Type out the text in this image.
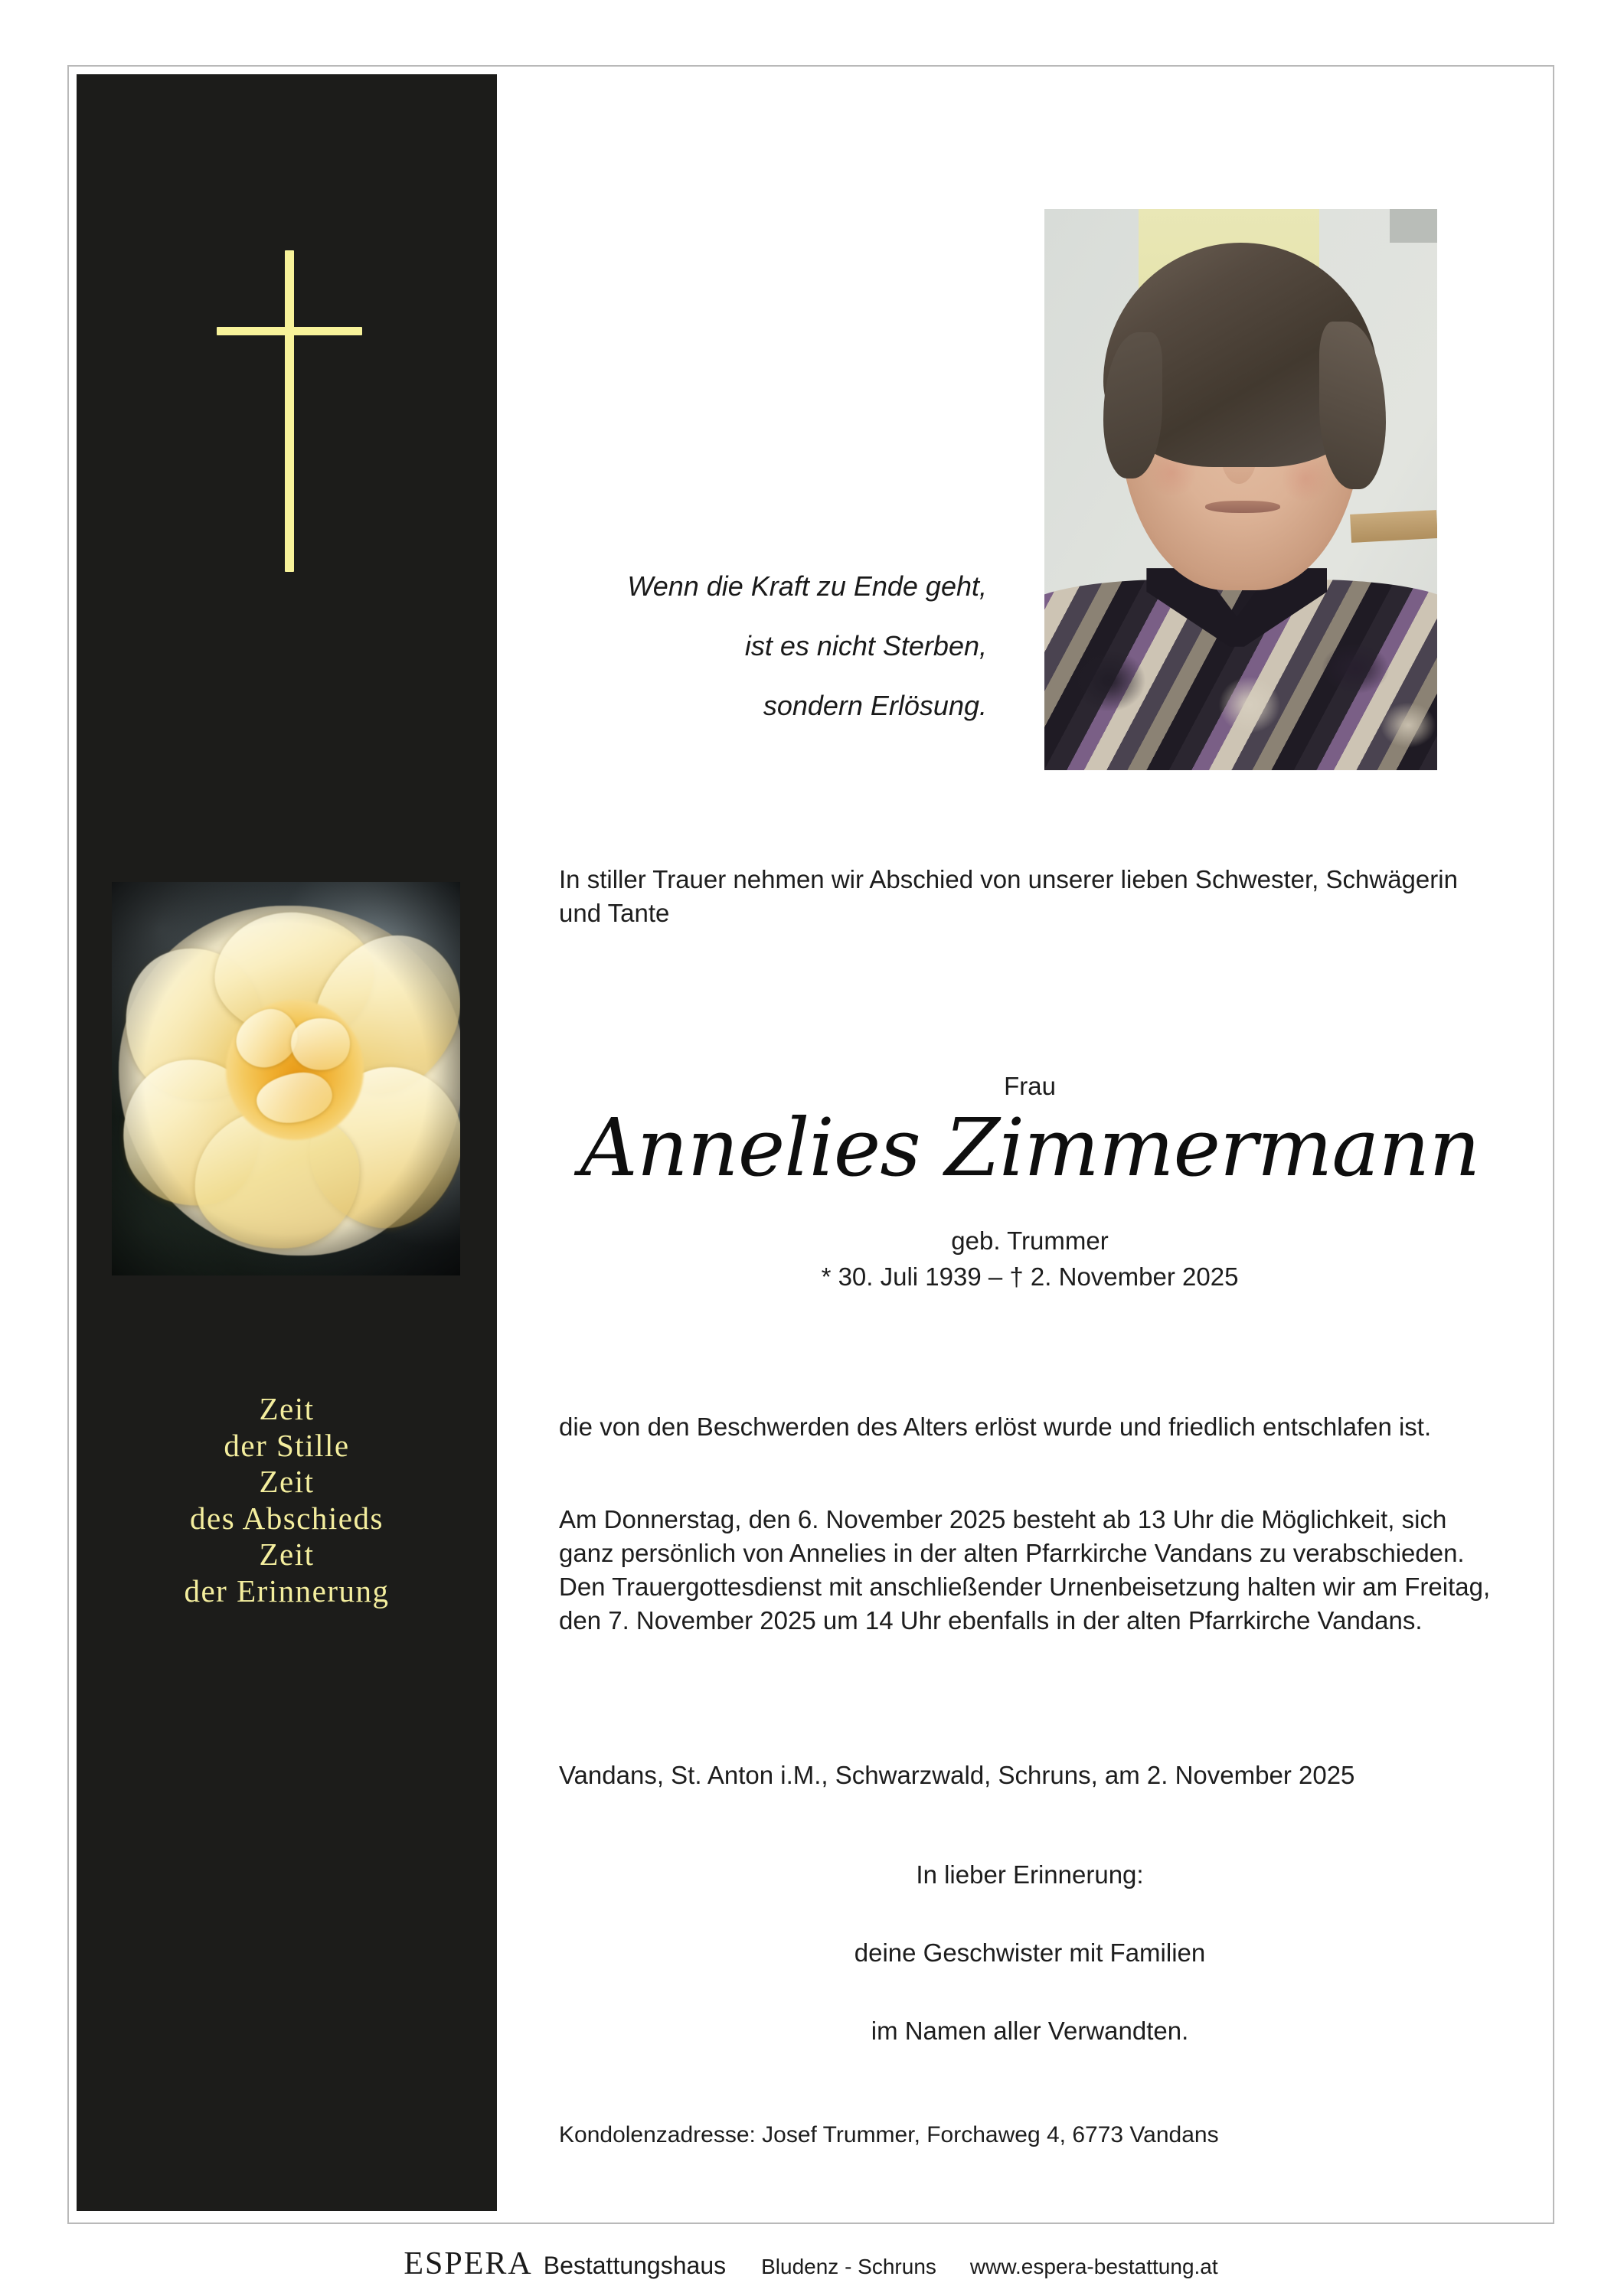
Zeit
der Stille
Zeit
des Abschieds
Zeit
der Erinnerung
Wenn die Kraft zu Ende geht,
ist es nicht Sterben,
sondern Erlösung.
In stiller Trauer nehmen wir Abschied von unserer lieben Schwester, Schwägerin und Tante
Frau
Annelies Zimmermann
geb. Trummer
* 30. Juli 1939 – † 2. November 2025
die von den Beschwerden des Alters erlöst wurde und friedlich entschlafen ist.
Am Donnerstag, den 6. November 2025 besteht ab 13 Uhr die Möglichkeit, sich ganz persönlich von Annelies in der alten Pfarrkirche Vandans zu verabschieden. Den Trauergottesdienst mit anschließender Urnenbeisetzung halten wir am Freitag, den 7. November 2025 um 14 Uhr ebenfalls in der alten Pfarrkirche Vandans.
Vandans, St. Anton i.M., Schwarzwald, Schruns, am 2. November 2025
In lieber Erinnerung:
deine Geschwister mit Familien
im Namen aller Verwandten.
Kondolenzadresse: Josef Trummer, Forchaweg 4, 6773 Vandans
ESPERA Bestattungshaus Bludenz - Schruns www.espera-bestattung.at
